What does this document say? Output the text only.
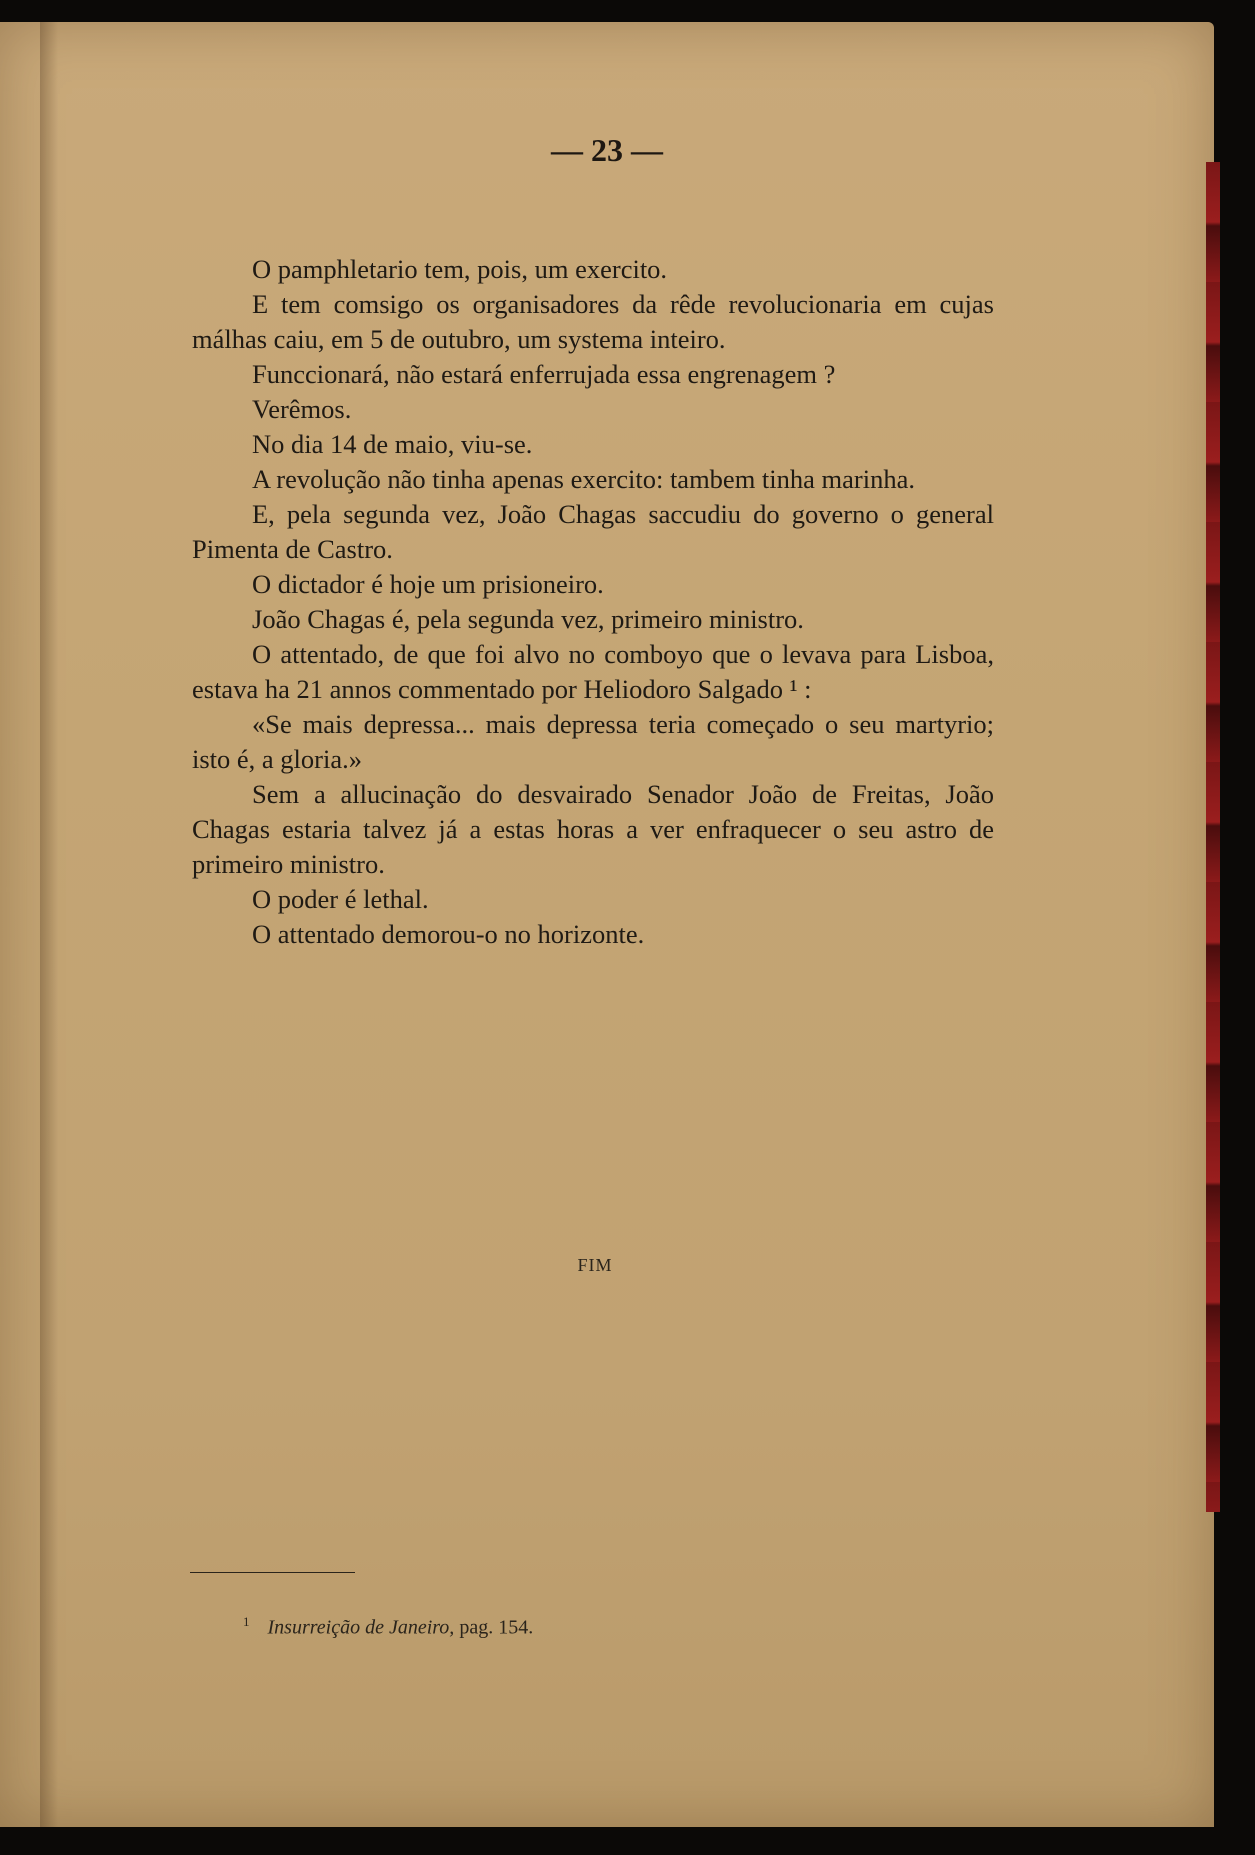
— 23 —

O pamphletario tem, pois, um exercito.

E tem comsigo os organisadores da rêde revolucionaria em cujas málhas caiu, em 5 de outubro, um systema inteiro.

Funccionará, não estará enferrujada essa engrenagem ?

Verêmos.

No dia 14 de maio, viu-se.

A revolução não tinha apenas exercito: tambem tinha marinha.

E, pela segunda vez, João Chagas saccudiu do governo o general Pimenta de Castro.

O dictador é hoje um prisioneiro.

João Chagas é, pela segunda vez, primeiro ministro.

O attentado, de que foi alvo no comboyo que o levava para Lisboa, estava ha 21 annos commentado por Heliodoro Salgado ¹ :

«Se mais depressa... mais depressa teria começado o seu martyrio; isto é, a gloria.»

Sem a allucinação do desvairado Senador João de Freitas, João Chagas estaria talvez já a estas horas a ver enfraquecer o seu astro de primeiro ministro.

O poder é lethal.

O attentado demorou-o no horizonte.

FIM
$^1$ Insurreição de Janeiro, pag. 154.
